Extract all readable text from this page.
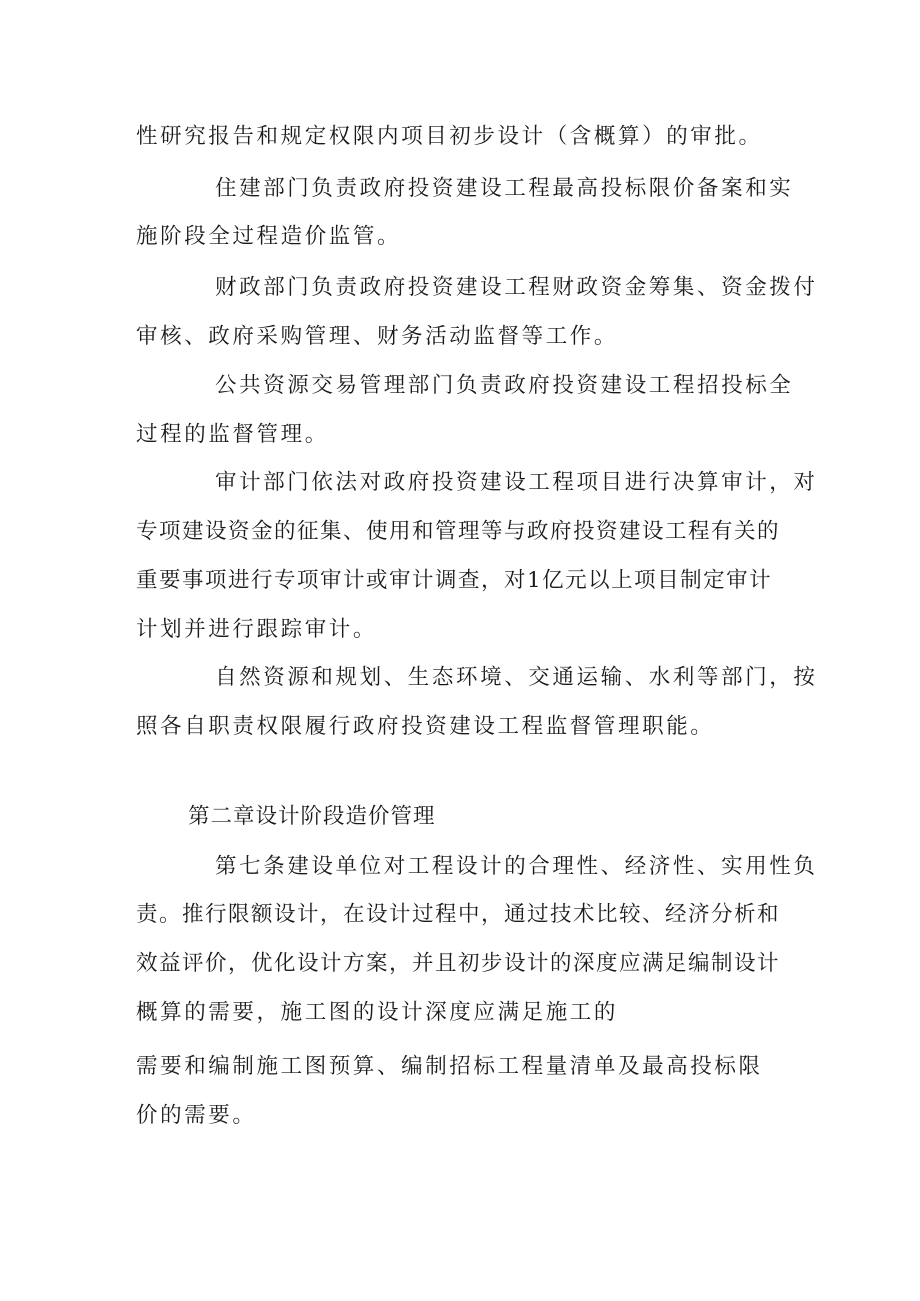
性研究报告和规定权限内项目初步设计（含概算）的审批。
住建部门负责政府投资建设工程最高投标限价备案和实
施阶段全过程造价监管。
财政部门负责政府投资建设工程财政资金筹集、资金拨付
审核、政府采购管理、财务活动监督等工作。
公共资源交易管理部门负责政府投资建设工程招投标全
过程的监督管理。
审计部门依法对政府投资建设工程项目进行决算审计，对
专项建设资金的征集、使用和管理等与政府投资建设工程有关的
重要事项进行专项审计或审计调查，对1亿元以上项目制定审计
计划并进行跟踪审计。
自然资源和规划、生态环境、交通运输、水利等部门，按
照各自职责权限履行政府投资建设工程监督管理职能。
第二章设计阶段造价管理
第七条建设单位对工程设计的合理性、经济性、实用性负
责。推行限额设计，在设计过程中，通过技术比较、经济分析和
效益评价，优化设计方案，并且初步设计的深度应满足编制设计
概算的需要，施工图的设计深度应满足施工的
需要和编制施工图预算、编制招标工程量清单及最高投标限
价的需要。
